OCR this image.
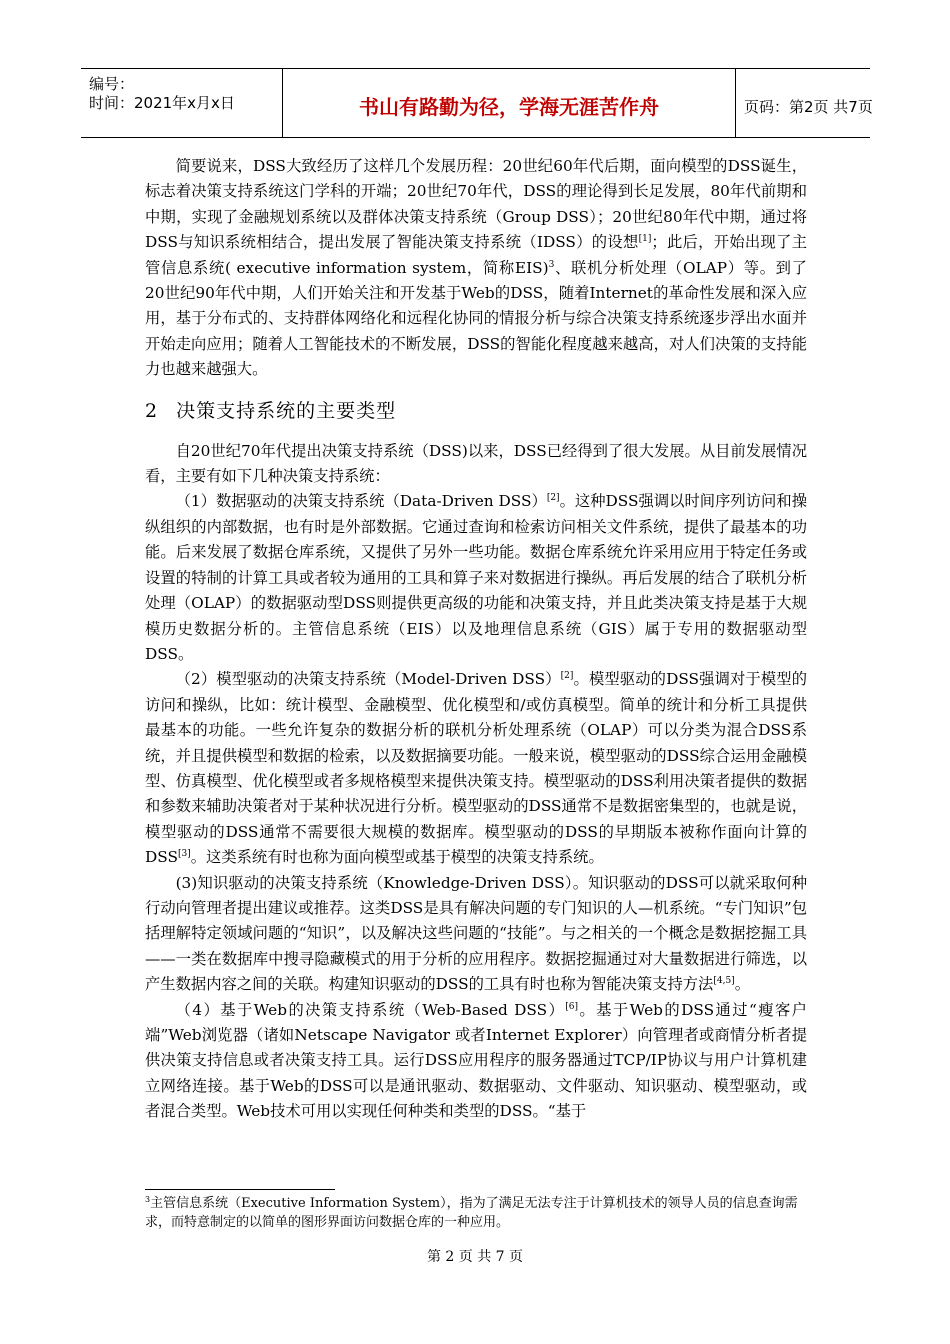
编号：
时间：2021年x月x日	书山有路勤为径，学海无涯苦作舟	页码：第2页 共7页

简要说来，DSS大致经历了这样几个发展历程：20世纪60年代后期，面向模型的DSS诞生，标志着决策支持系统这门学科的开端；20世纪70年代，DSS的理论得到长足发展，80年代前期和中期，实现了金融规划系统以及群体决策支持系统（Group DSS）；20世纪80年代中期，通过将DSS与知识系统相结合，提出发展了智能决策支持系统（IDSS）的设想[1]；此后，开始出现了主管信息系统( executive information system，简称EIS)$^3$、联机分析处理（OLAP）等。到了20世纪90年代中期，人们开始关注和开发基于Web的DSS，随着Internet的革命性发展和深入应用，基于分布式的、支持群体网络化和远程化协同的情报分析与综合决策支持系统逐步浮出水面并开始走向应用；随着人工智能技术的不断发展，DSS的智能化程度越来越高，对人们决策的支持能力也越来越强大。

2 决策支持系统的主要类型

自20世纪70年代提出决策支持系统（DSS)以来，DSS已经得到了很大发展。从目前发展情况看，主要有如下几种决策支持系统：

（1）数据驱动的决策支持系统（Data-Driven DSS）[2]。这种DSS强调以时间序列访问和操纵组织的内部数据，也有时是外部数据。它通过查询和检索访问相关文件系统，提供了最基本的功能。后来发展了数据仓库系统，又提供了另外一些功能。数据仓库系统允许采用应用于特定任务或设置的特制的计算工具或者较为通用的工具和算子来对数据进行操纵。再后发展的结合了联机分析处理（OLAP）的数据驱动型DSS则提供更高级的功能和决策支持，并且此类决策支持是基于大规模历史数据分析的。主管信息系统（EIS）以及地理信息系统（GIS）属于专用的数据驱动型DSS。

（2）模型驱动的决策支持系统（Model-Driven DSS）[2]。模型驱动的DSS强调对于模型的访问和操纵，比如：统计模型、金融模型、优化模型和/或仿真模型。简单的统计和分析工具提供最基本的功能。一些允许复杂的数据分析的联机分析处理系统（OLAP）可以分类为混合DSS系统，并且提供模型和数据的检索，以及数据摘要功能。一般来说，模型驱动的DSS综合运用金融模型、仿真模型、优化模型或者多规格模型来提供决策支持。模型驱动的DSS利用决策者提供的数据和参数来辅助决策者对于某种状况进行分析。模型驱动的DSS通常不是数据密集型的，也就是说，模型驱动的DSS通常不需要很大规模的数据库。模型驱动的DSS的早期版本被称作面向计算的DSS[3]。这类系统有时也称为面向模型或基于模型的决策支持系统。

(3)知识驱动的决策支持系统（Knowledge-Driven DSS）。知识驱动的DSS可以就采取何种行动向管理者提出建议或推荐。这类DSS是具有解决问题的专门知识的人—机系统。“专门知识”包括理解特定领域问题的“知识”，以及解决这些问题的“技能”。与之相关的一个概念是数据挖掘工具——一类在数据库中搜寻隐藏模式的用于分析的应用程序。数据挖掘通过对大量数据进行筛选，以产生数据内容之间的关联。构建知识驱动的DSS的工具有时也称为智能决策支持方法[4,5]。

（4）基于Web的决策支持系统（Web-Based DSS）[6]。基于Web的DSS通过“瘦客户端”Web浏览器（诸如Netscape Navigator 或者Internet Explorer）向管理者或商情分析者提供决策支持信息或者决策支持工具。运行DSS应用程序的服务器通过TCP/IP协议与用户计算机建立网络连接。基于Web的DSS可以是通讯驱动、数据驱动、文件驱动、知识驱动、模型驱动，或者混合类型。Web技术可用以实现任何种类和类型的DSS。“基于

$^3$主管信息系统（Executive Information System），指为了满足无法专注于计算机技术的领导人员的信息查询需求，而特意制定的以简单的图形界面访问数据仓库的一种应用。
第 2 页 共 7 页
